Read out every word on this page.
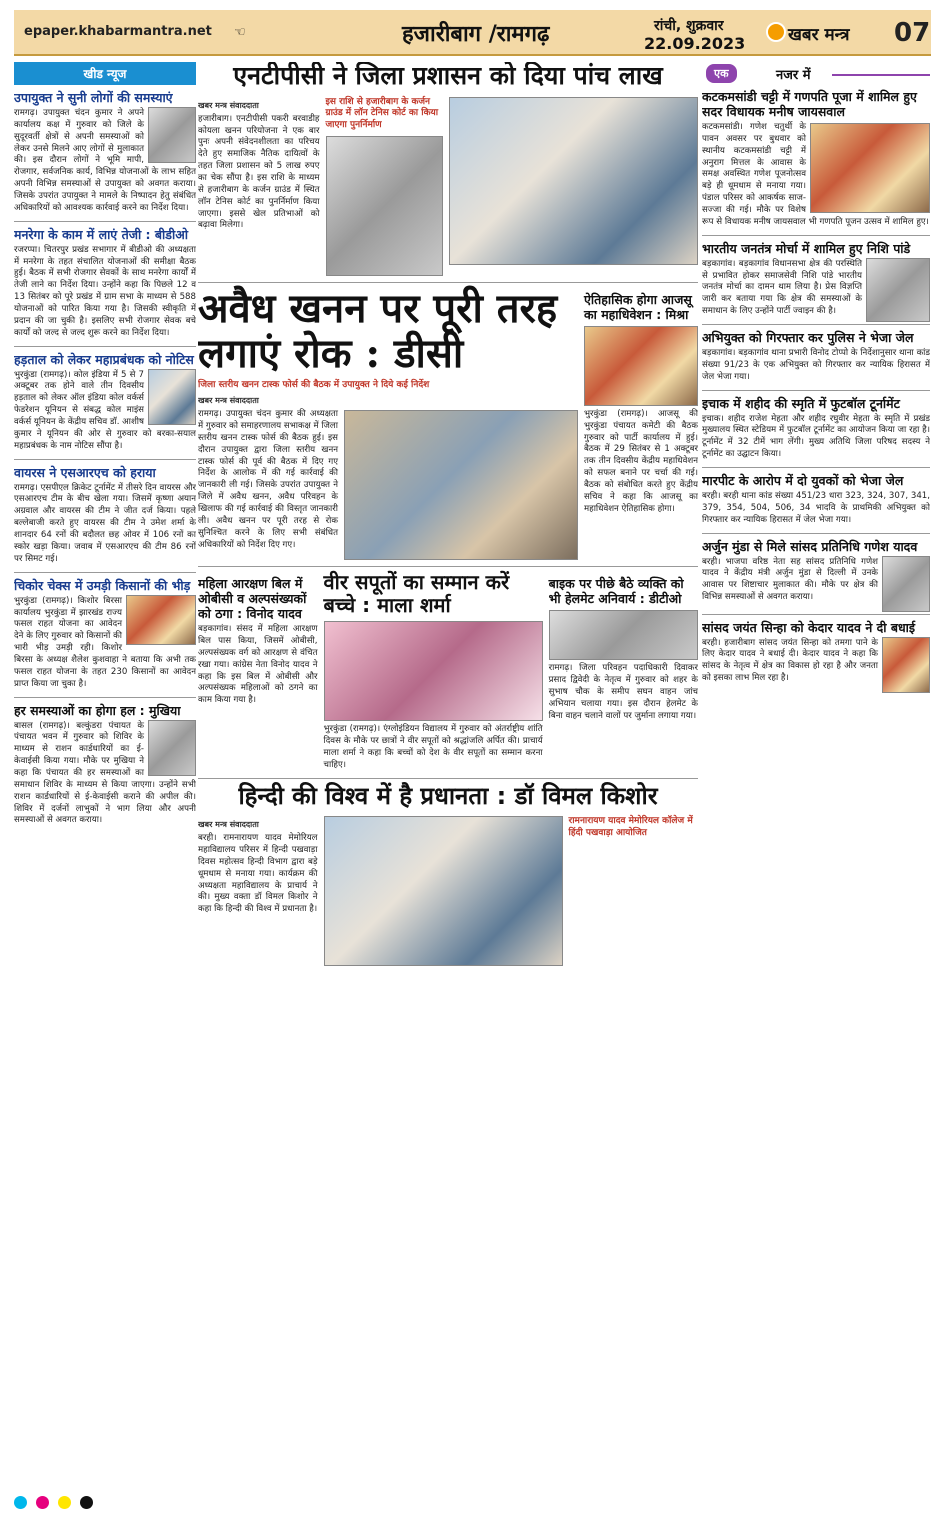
epaper.khabarmantra.net ☜	हजारीबाग /रामगढ़	रांची, शुक्रवार
22.09.2023	खबर मन्त्र 07
खीड न्यूज
उपायुक्त ने सुनी लोगों की समस्याएं
रामगढ़। उपायुक्त चंदन कुमार ने अपने कार्यालय कक्ष में गुरुवार को जिले के सुदूरवर्ती क्षेत्रों से अपनी समस्याओं को लेकर उनसे मिलने आए लोगों से मुलाकात की। इस दौरान लोगों ने भूमि मापी, रोजगार, सर्वजनिक कार्य, विभिन्न योजनाओं के लाभ सहित अपनी विभिन्न समस्याओं से उपायुक्त को अवगत कराया। जिसके उपरांत उपायुक्त ने मामले के निष्पादन हेतु संबंधित अधिकारियों को आवश्यक कार्रवाई करने का निर्देश दिया।
मनरेगा के काम में लाएं तेजी : बीडीओ
रजरप्पा। चितरपुर प्रखंड सभागार में बीडीओ की अध्यक्षता में मनरेगा के तहत संचालित योजनाओं की समीक्षा बैठक हुई। बैठक में सभी रोजगार सेवकों के साथ मनरेगा कार्यों में तेजी लाने का निर्देश दिया। उन्होंने कहा कि पिछले 12 व 13 सितंबर को पूरे प्रखंड में ग्राम सभा के माध्यम से 588 योजनाओं को पारित किया गया है। जिसकी स्वीकृति में प्रदान की जा चुकी है। इसलिए सभी रोजगार सेवक बचे कार्यों को जल्द से जल्द शुरू करने का निर्देश दिया।
हड़ताल को लेकर महाप्रबंधक को नोटिस
भुरकुंडा (रामगढ़)। कोल इंडिया में 5 से 7 अक्टूबर तक होने वाले तीन दिवसीय हड़ताल को लेकर ऑल इंडिया कोल वर्कर्स फेडरेशन यूनियन से संबद्ध कोल माइंस वर्कर्स यूनियन के केंद्रीय सचिव डॉ. आशीष कुमार ने यूनियन की ओर से गुरुवार को बरका-सयाल महाप्रबंधक के नाम नोटिस सौंपा है।
वायरस ने एसआरएच को हराया
रामगढ़। एसपीएल क्रिकेट टूर्नामेंट में तीसरे दिन वायरस और एसआरएच टीम के बीच खेला गया। जिसमें कृष्णा अयान अग्रवाल और वायरस की टीम ने जीत दर्ज किया। पहले बल्लेबाजी करते हुए वायरस की टीम ने उमेश शर्मा के शानदार 64 रनों की बदौलत छह ओवर में 106 रनों का स्कोर खड़ा किया। जवाब में एसआरएच की टीम 86 रनों पर सिमट गई।
चिकोर चेक्स में उमड़ी किसानों की भीड़
भुरकुंडा (रामगढ़)। किशोर बिरसा कार्यालय भुरकुंडा में झारखंड राज्य फसल राहत योजना का आवेदन देने के लिए गुरुवार को किसानों की भारी भीड़ उमड़ी रही। किशोर बिरसा के अध्यक्ष शैलेश कुशवाहा ने बताया कि अभी तक फसल राहत योजना के तहत 230 किसानों का आवेदन प्राप्त किया जा चुका है।
हर समस्याओं का होगा हल : मुखिया
बासल (रामगढ़)। बल्कुंडरा पंचायत के पंचायत भवन में गुरुवार को शिविर के माध्यम से राशन कार्डधारियों का ई-केवाईसी किया गया। मौके पर मुखिया ने कहा कि पंचायत की हर समस्याओं का समाधान शिविर के माध्यम से किया जाएगा। उन्होंने सभी राशन कार्डधारियों से ई-केवाईसी कराने की अपील की। शिविर में दर्जनों लाभुकों ने भाग लिया और अपनी समस्याओं से अवगत कराया।
एनटीपीसी ने जिला प्रशासन को दिया पांच लाख
खबर मन्त्र संवाददाता
हजारीबाग। एनटीपीसी पकरी बरवाडीह कोयला खनन परियोजना ने एक बार पुनः अपनी संवेदनशीलता का परिचय देते हुए समाजिक नैतिक दायित्वों के तहत जिला प्रशासन को 5 लाख रुपए का चेक सौंपा है। इस राशि के माध्यम से हजारीबाग के कर्जन ग्राउंड में स्थित लॉन टेनिस कोर्ट का पुनर्निर्माण किया जाएगा। इससे खेल प्रतिभाओं को बढ़ावा मिलेगा।
इस राशि से हजारीबाग के कर्जन ग्राउंड में लॉन टेनिस कोर्ट का किया जाएगा पुनर्निर्माण
अवैध खनन पर पूरी तरह लगाएं रोक : डीसी
जिला स्तरीय खनन टास्क फोर्स की बैठक में उपायुक्त ने दिये कई निर्देश
खबर मन्त्र संवाददाता
रामगढ़। उपायुक्त चंदन कुमार की अध्यक्षता में गुरुवार को समाहरणालय सभाकक्ष में जिला स्तरीय खनन टास्क फोर्स की बैठक हुई। इस दौरान उपायुक्त द्वारा जिला स्तरीय खनन टास्क फोर्स की पूर्व की बैठक में दिए गए निर्देश के आलोक में की गई कार्रवाई की जानकारी ली गई। जिसके उपरांत उपायुक्त ने जिले में अवैध खनन, अवैध परिवहन के खिलाफ की गई कार्रवाई की विस्तृत जानकारी ली। अवैध खनन पर पूरी तरह से रोक सुनिश्चित करने के लिए सभी संबंधित अधिकारियों को निर्देश दिए गए।
ऐतिहासिक होगा आजसू का महाधिवेशन : मिश्रा
भुरकुंडा (रामगढ़)। आजसू की भुरकुंडा पंचायत कमेटी की बैठक गुरुवार को पार्टी कार्यालय में हुई। बैठक में 29 सितंबर से 1 अक्टूबर तक तीन दिवसीय केंद्रीय महाधिवेशन को सफल बनाने पर चर्चा की गई। बैठक को संबोधित करते हुए केंद्रीय सचिव ने कहा कि आजसू का महाधिवेशन ऐतिहासिक होगा।
महिला आरक्षण बिल में ओबीसी व अल्पसंख्यकों को ठगा : विनोद यादव
बड़कागांव। संसद में महिला आरक्षण बिल पास किया, जिसमें ओबीसी, अल्पसंख्यक वर्ग को आरक्षण से वंचित रखा गया। कांग्रेस नेता विनोद यादव ने कहा कि इस बिल में ओबीसी और अल्पसंख्यक महिलाओं को ठगने का काम किया गया है।
वीर सपूतों का सम्मान करें बच्चे : माला शर्मा
भुरकुंडा (रामगढ़)। एंग्लोइंडियन विद्यालय में गुरुवार को अंतर्राष्ट्रीय शांति दिवस के मौके पर छात्रों ने वीर सपूतों को श्रद्धांजलि अर्पित की। प्राचार्य माला शर्मा ने कहा कि बच्चों को देश के वीर सपूतों का सम्मान करना चाहिए।
बाइक पर पीछे बैठे व्यक्ति को भी हेलमेट अनिवार्य : डीटीओ
रामगढ़। जिला परिवहन पदाधिकारी दिवाकर प्रसाद द्विवेदी के नेतृत्व में गुरुवार को शहर के सुभाष चौक के समीप सघन वाहन जांच अभियान चलाया गया। इस दौरान हेलमेट के बिना वाहन चलाने वालों पर जुर्माना लगाया गया।
हिन्दी की विश्व में है प्रधानता : डॉ विमल किशोर
खबर मन्त्र संवाददाता
बरही। रामनारायण यादव मेमोरियल महाविद्यालय परिसर में हिन्दी पखवाड़ा दिवस महोत्सव हिन्दी विभाग द्वारा बड़े धूमधाम से मनाया गया। कार्यक्रम की अध्यक्षता महाविद्यालय के प्राचार्य ने की। मुख्य वक्ता डॉ विमल किशोर ने कहा कि हिन्दी की विश्व में प्रधानता है।
रामनारायण यादव मेमोरियल कॉलेज में हिंदी पखवाड़ा आयोजित
एक	नजर में
कटकमसांडी चट्टी में गणपति पूजा में शामिल हुए सदर विधायक मनीष जायसवाल
कटकमसांडी। गणेश चतुर्थी के पावन अवसर पर बुधवार को स्थानीय कटकमसांडी चट्टी में अनुराग मित्तल के आवास के समक्ष अवस्थित गणेश पूजनोत्सव बड़े ही धूमधाम से मनाया गया। पंडाल परिसर को आकर्षक साज-सज्जा की गई। मौके पर विशेष रूप से विधायक मनीष जायसवाल भी गणपति पूजन उत्सव में शामिल हुए।
भारतीय जनतंत्र मोर्चा में शामिल हुए निशि पांडे
बड़कागांव। बड़कागांव विधानसभा क्षेत्र की परस्थिति से प्रभावित होकर समाजसेवी निशि पांडे भारतीय जनतंत्र मोर्चा का दामन थाम लिया है। प्रेस विज्ञप्ति जारी कर बताया गया कि क्षेत्र की समस्याओं के समाधान के लिए उन्होंने पार्टी ज्वाइन की है।
अभियुक्त को गिरफ्तार कर पुलिस ने भेजा जेल
बड़कागांव। बड़कागांव थाना प्रभारी विनोद टोप्पो के निर्देशानुसार थाना कांड संख्या 91/23 के एक अभियुक्त को गिरफ्तार कर न्यायिक हिरासत में जेल भेजा गया।
इचाक में शहीद की स्मृति में फुटबॉल टूर्नामेंट
इचाक। शहीद राजेश मेहता और शहीद रघुवीर मेहता के स्मृति में प्रखंड मुख्यालय स्थित स्टेडियम में फुटबॉल टूर्नामेंट का आयोजन किया जा रहा है। टूर्नामेंट में 32 टीमें भाग लेंगी। मुख्य अतिथि जिला परिषद सदस्य ने टूर्नामेंट का उद्घाटन किया।
मारपीट के आरोप में दो युवकों को भेजा जेल
बरही। बरही थाना कांड संख्या 451/23 धारा 323, 324, 307, 341, 379, 354, 504, 506, 34 भादवि के प्राथमिकी अभियुक्त को गिरफ्तार कर न्यायिक हिरासत में जेल भेजा गया।
अर्जुन मुंडा से मिले सांसद प्रतिनिधि गणेश यादव
बरही। भाजपा वरिष्ठ नेता सह सांसद प्रतिनिधि गणेश यादव ने केंद्रीय मंत्री अर्जुन मुंडा से दिल्ली में उनके आवास पर शिष्टाचार मुलाकात की। मौके पर क्षेत्र की विभिन्न समस्याओं से अवगत कराया।
सांसद जयंत सिन्हा को केदार यादव ने दी बधाई
बरही। हजारीबाग सांसद जयंत सिन्हा को तमगा पाने के लिए केदार यादव ने बधाई दी। केदार यादव ने कहा कि सांसद के नेतृत्व में क्षेत्र का विकास हो रहा है और जनता को इसका लाभ मिल रहा है।
